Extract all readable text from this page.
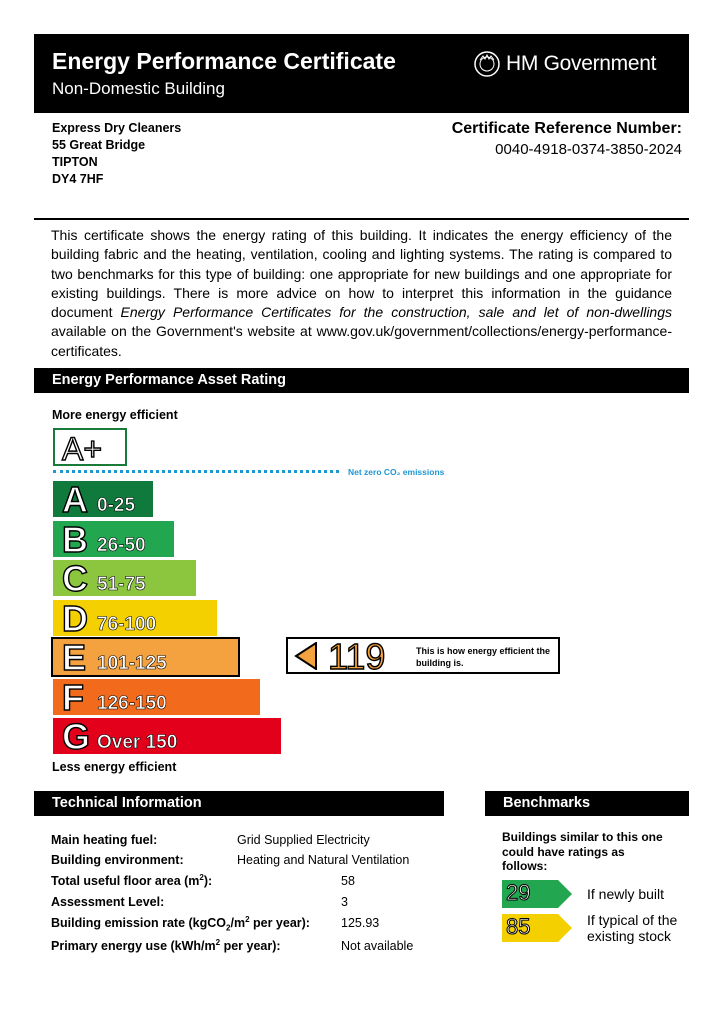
Energy Performance Certificate
Non-Domestic Building
HM Government
Express Dry Cleaners
55 Great Bridge
TIPTON
DY4 7HF
Certificate Reference Number:
0040-4918-0374-3850-2024
This certificate shows the energy rating of this building. It indicates the energy efficiency of the building fabric and the heating, ventilation, cooling and lighting systems. The rating is compared to two benchmarks for this type of building: one appropriate for new buildings and one appropriate for existing buildings. There is more advice on how to interpret this information in the guidance document Energy Performance Certificates for the construction, sale and let of non-dwellings available on the Government's website at www.gov.uk/government/collections/energy-performance-certificates.
Energy Performance Asset Rating
More energy efficient
A+
Net zero CO₂ emissions
A 0-25
B 26-50
C 51-75
D 76-100
E 101-125
F 126-150
G Over 150
119	This is how energy efficient the building is.
Less energy efficient
Technical Information
Main heating fuel:	Grid Supplied Electricity
Building environment:	Heating and Natural Ventilation
Total useful floor area $(m^2)$:	58
Assessment Level:	3
Building emission rate ($kgCO_2/m^2$ per year): 125.93
Primary energy use ($kWh/m^2$ per year):	Not available
Benchmarks
Buildings similar to this one could have ratings as follows:
29	If newly built
85	If typical of the existing stock
